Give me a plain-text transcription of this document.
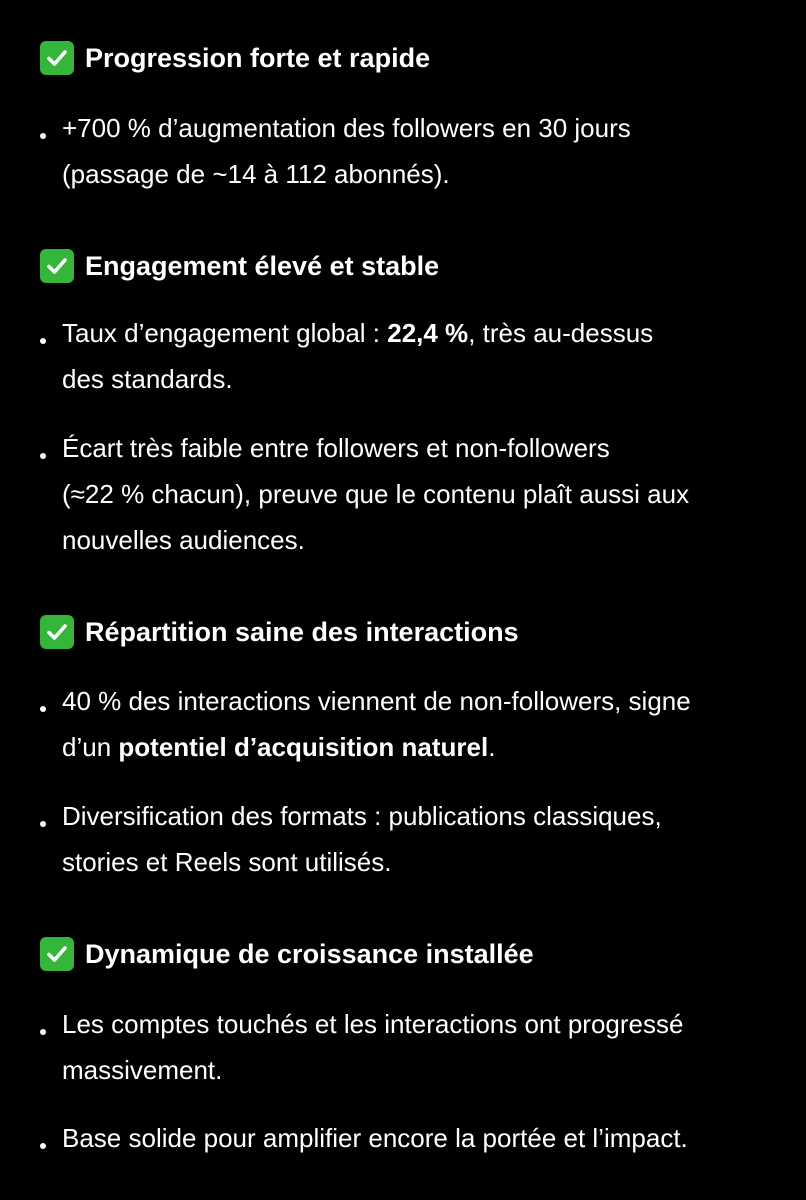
Progression forte et rapide
+700 % d’augmentation des followers en 30 jours
(passage de ~14 à 112 abonnés).
Engagement élevé et stable
Taux d’engagement global : 22,4 %, très au-dessus
des standards.
Écart très faible entre followers et non-followers
(≈22 % chacun), preuve que le contenu plaît aussi aux
nouvelles audiences.
Répartition saine des interactions
40 % des interactions viennent de non-followers, signe
d’un potentiel d’acquisition naturel.
Diversification des formats : publications classiques,
stories et Reels sont utilisés.
Dynamique de croissance installée
Les comptes touchés et les interactions ont progressé
massivement.
Base solide pour amplifier encore la portée et l’impact.
